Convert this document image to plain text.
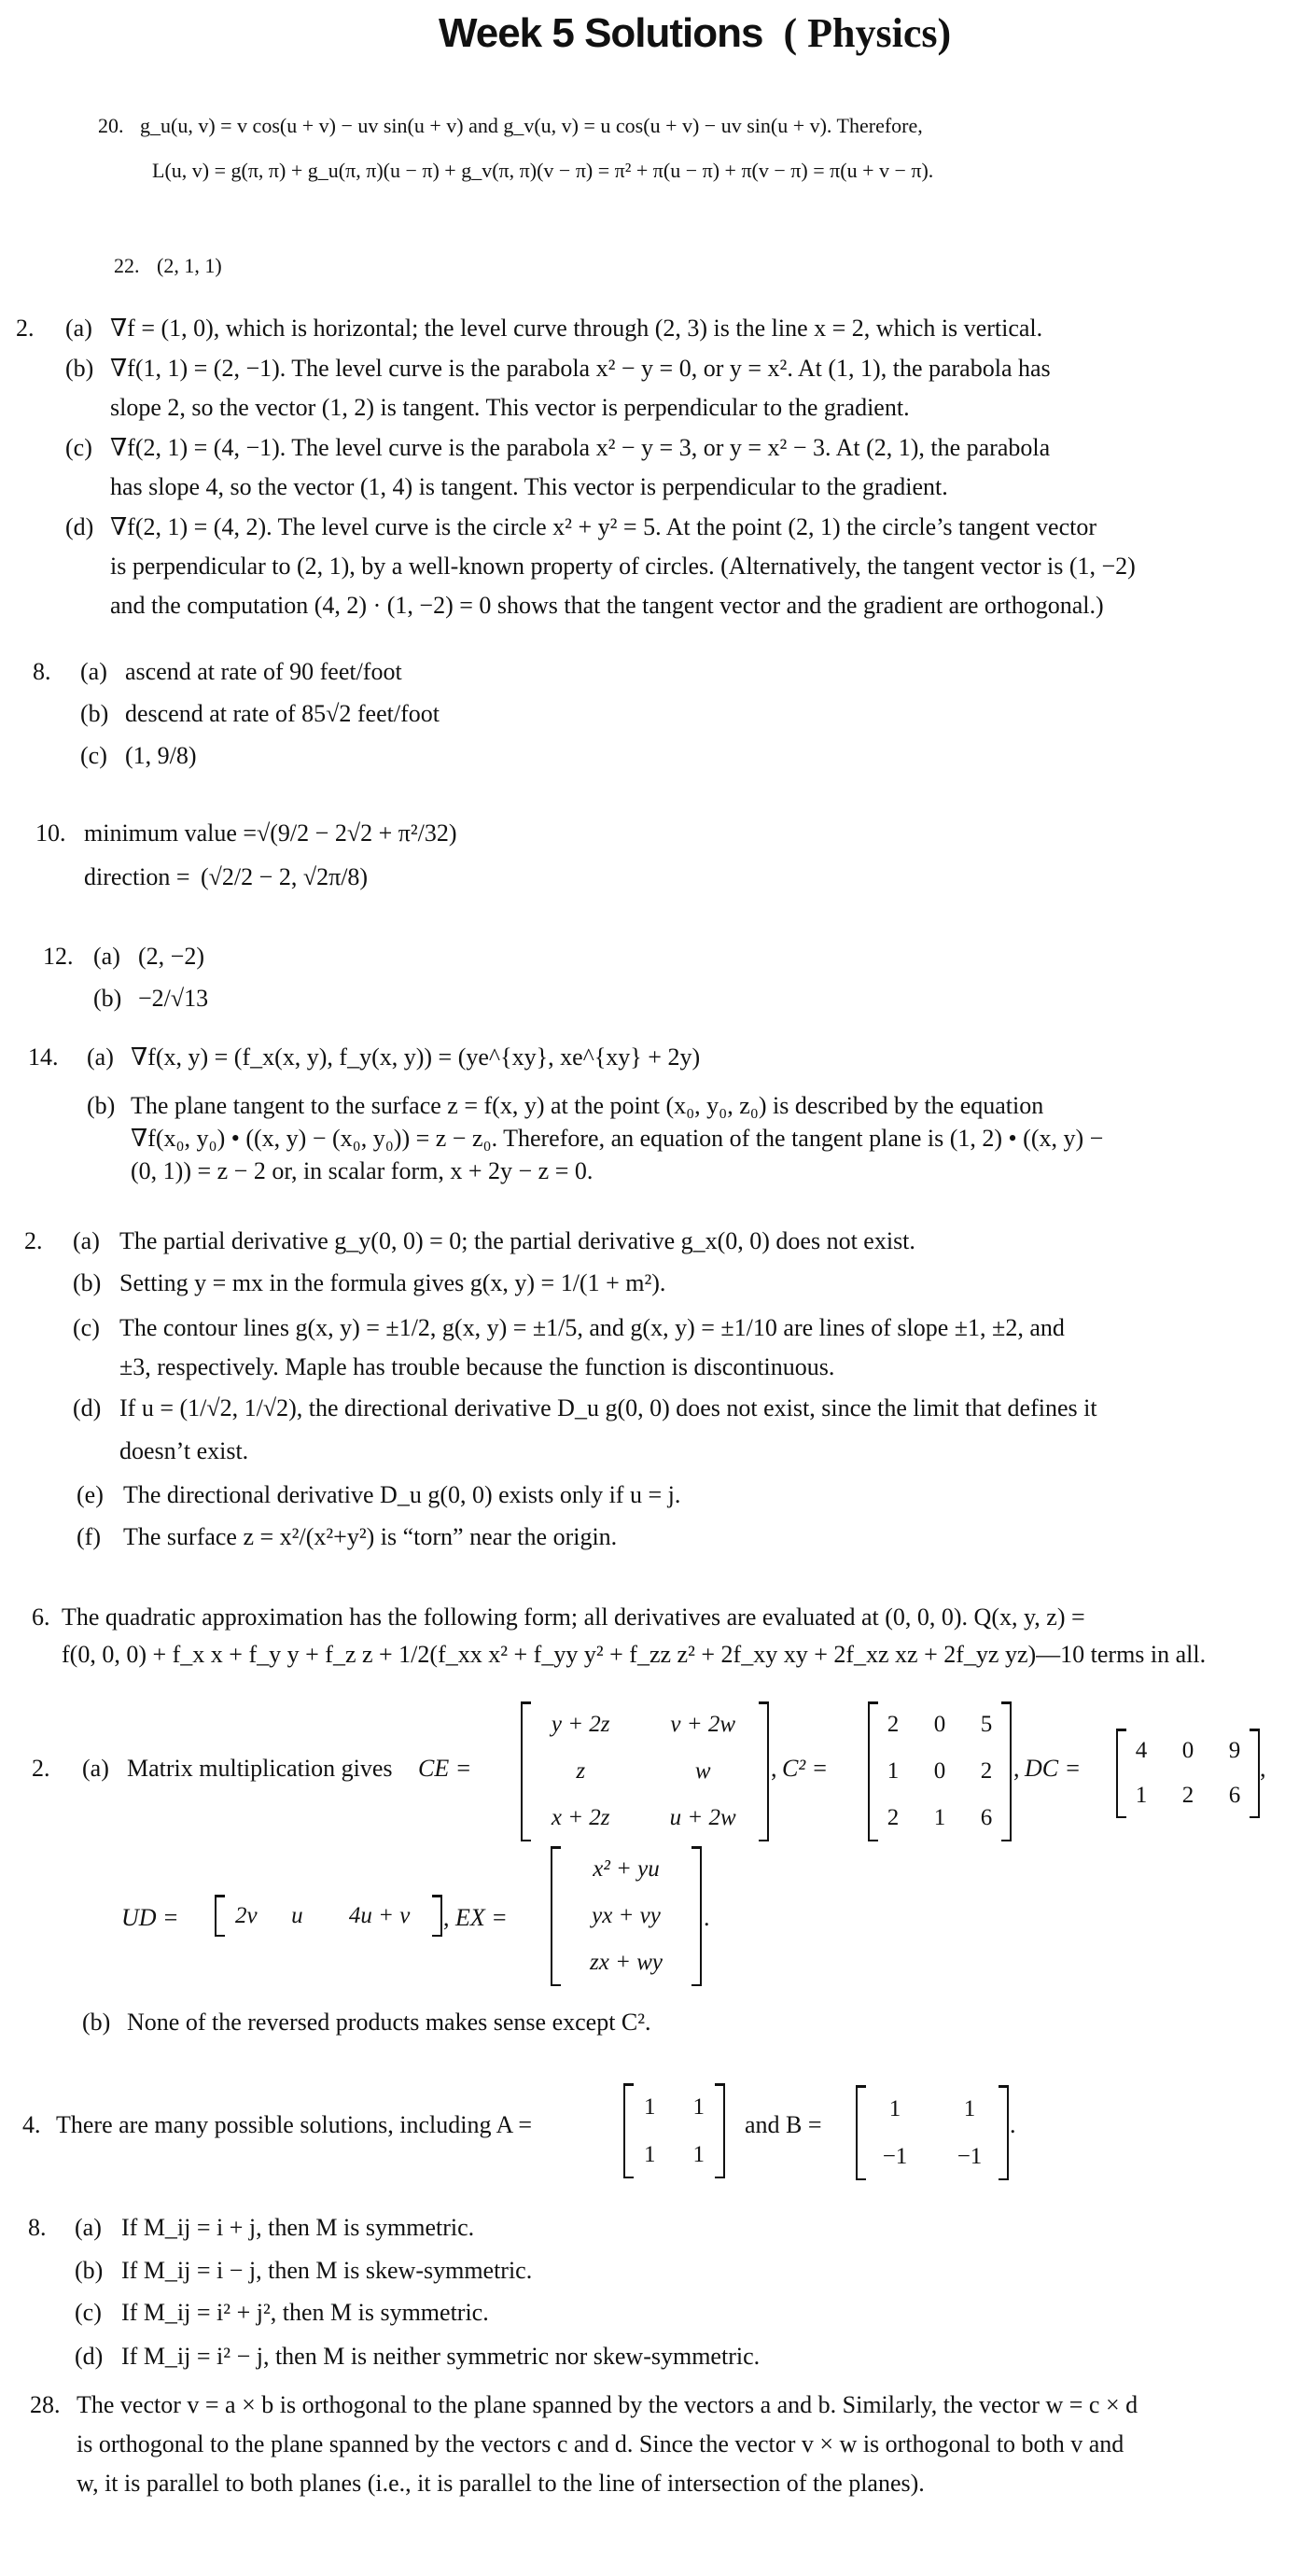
Week 5 Solutions ( Physics)
20. g_u(u, v) = v cos(u + v) − uv sin(u + v) and g_v(u, v) = u cos(u + v) − uv sin(u + v). Therefore,
L(u, v) = g(π, π) + g_u(π, π)(u − π) + g_v(π, π)(v − π) = π² + π(u − π) + π(v − π) = π(u + v − π).
22. (2, 1, 1)
2. (a) ∇f = (1, 0), which is horizontal; the level curve through (2, 3) is the line x = 2, which is vertical.
(b) ∇f(1, 1) = (2, −1). The level curve is the parabola x² − y = 0, or y = x². At (1, 1), the parabola has
slope 2, so the vector (1, 2) is tangent. This vector is perpendicular to the gradient.
(c) ∇f(2, 1) = (4, −1). The level curve is the parabola x² − y = 3, or y = x² − 3. At (2, 1), the parabola
has slope 4, so the vector (1, 4) is tangent. This vector is perpendicular to the gradient.
(d) ∇f(2, 1) = (4, 2). The level curve is the circle x² + y² = 5. At the point (2, 1) the circle’s tangent vector
is perpendicular to (2, 1), by a well-known property of circles. (Alternatively, the tangent vector is (1, −2)
and the computation (4, 2) · (1, −2) = 0 shows that the tangent vector and the gradient are orthogonal.)
8. (a) ascend at rate of 90 feet/foot
(b) descend at rate of 85√2 feet/foot
(c) (1, 9/8)
10. minimum value = √(9/2 − 2√2 + π²/32)
direction = (√2/2 − 2, √2π/8)
12. (a) (2, −2)
(b) −2/√13
14. (a) ∇f(x, y) = (f_x(x, y), f_y(x, y)) = (ye^{xy}, xe^{xy} + 2y)
(b) The plane tangent to the surface z = f(x, y) at the point (x₀, y₀, z₀) is described by the equation
∇f(x₀, y₀) • ((x, y) − (x₀, y₀)) = z − z₀. Therefore, an equation of the tangent plane is (1, 2) • ((x, y) −
(0, 1)) = z − 2 or, in scalar form, x + 2y − z = 0.
2. (a) The partial derivative g_y(0, 0) = 0; the partial derivative g_x(0, 0) does not exist.
(b) Setting y = mx in the formula gives g(x, y) = 1/(1 + m²).
(c) The contour lines g(x, y) = ±1/2, g(x, y) = ±1/5, and g(x, y) = ±1/10 are lines of slope ±1, ±2, and
±3, respectively. Maple has trouble because the function is discontinuous.
(d) If u = (1/√2, 1/√2), the directional derivative D_u g(0, 0) does not exist, since the limit that defines it
doesn’t exist.
(e) The directional derivative D_u g(0, 0) exists only if u = j.
(f) The surface z = x²/(x²+y²) is “torn” near the origin.
6. The quadratic approximation has the following form; all derivatives are evaluated at (0, 0, 0). Q(x, y, z) =
f(0, 0, 0) + f_x x + f_y y + f_z z + 1/2(f_xx x² + f_yy y² + f_zz z² + 2f_xy xy + 2f_xz xz + 2f_yz yz)—10 terms in all.
2. (a) Matrix multiplication gives CE =
y + 2z	v + 2w
z	w
x + 2z	u + 2w
, C² =
2	0	5
1	0	2
2	1	6
, DC =
4	0	9
1	2	6
,
UD = 2v	u	4u + v , EX =
x² + yu
yx + vy
zx + wy
.
(b) None of the reversed products makes sense except C².
4. There are many possible solutions, including A =
1	1
1	1
and B =
1	1
−1	−1
.
8. (a) If M_ij = i + j, then M is symmetric.
(b) If M_ij = i − j, then M is skew-symmetric.
(c) If M_ij = i² + j², then M is symmetric.
(d) If M_ij = i² − j, then M is neither symmetric nor skew-symmetric.
28. The vector v = a × b is orthogonal to the plane spanned by the vectors a and b. Similarly, the vector w = c × d
is orthogonal to the plane spanned by the vectors c and d. Since the vector v × w is orthogonal to both v and
w, it is parallel to both planes (i.e., it is parallel to the line of intersection of the planes).
